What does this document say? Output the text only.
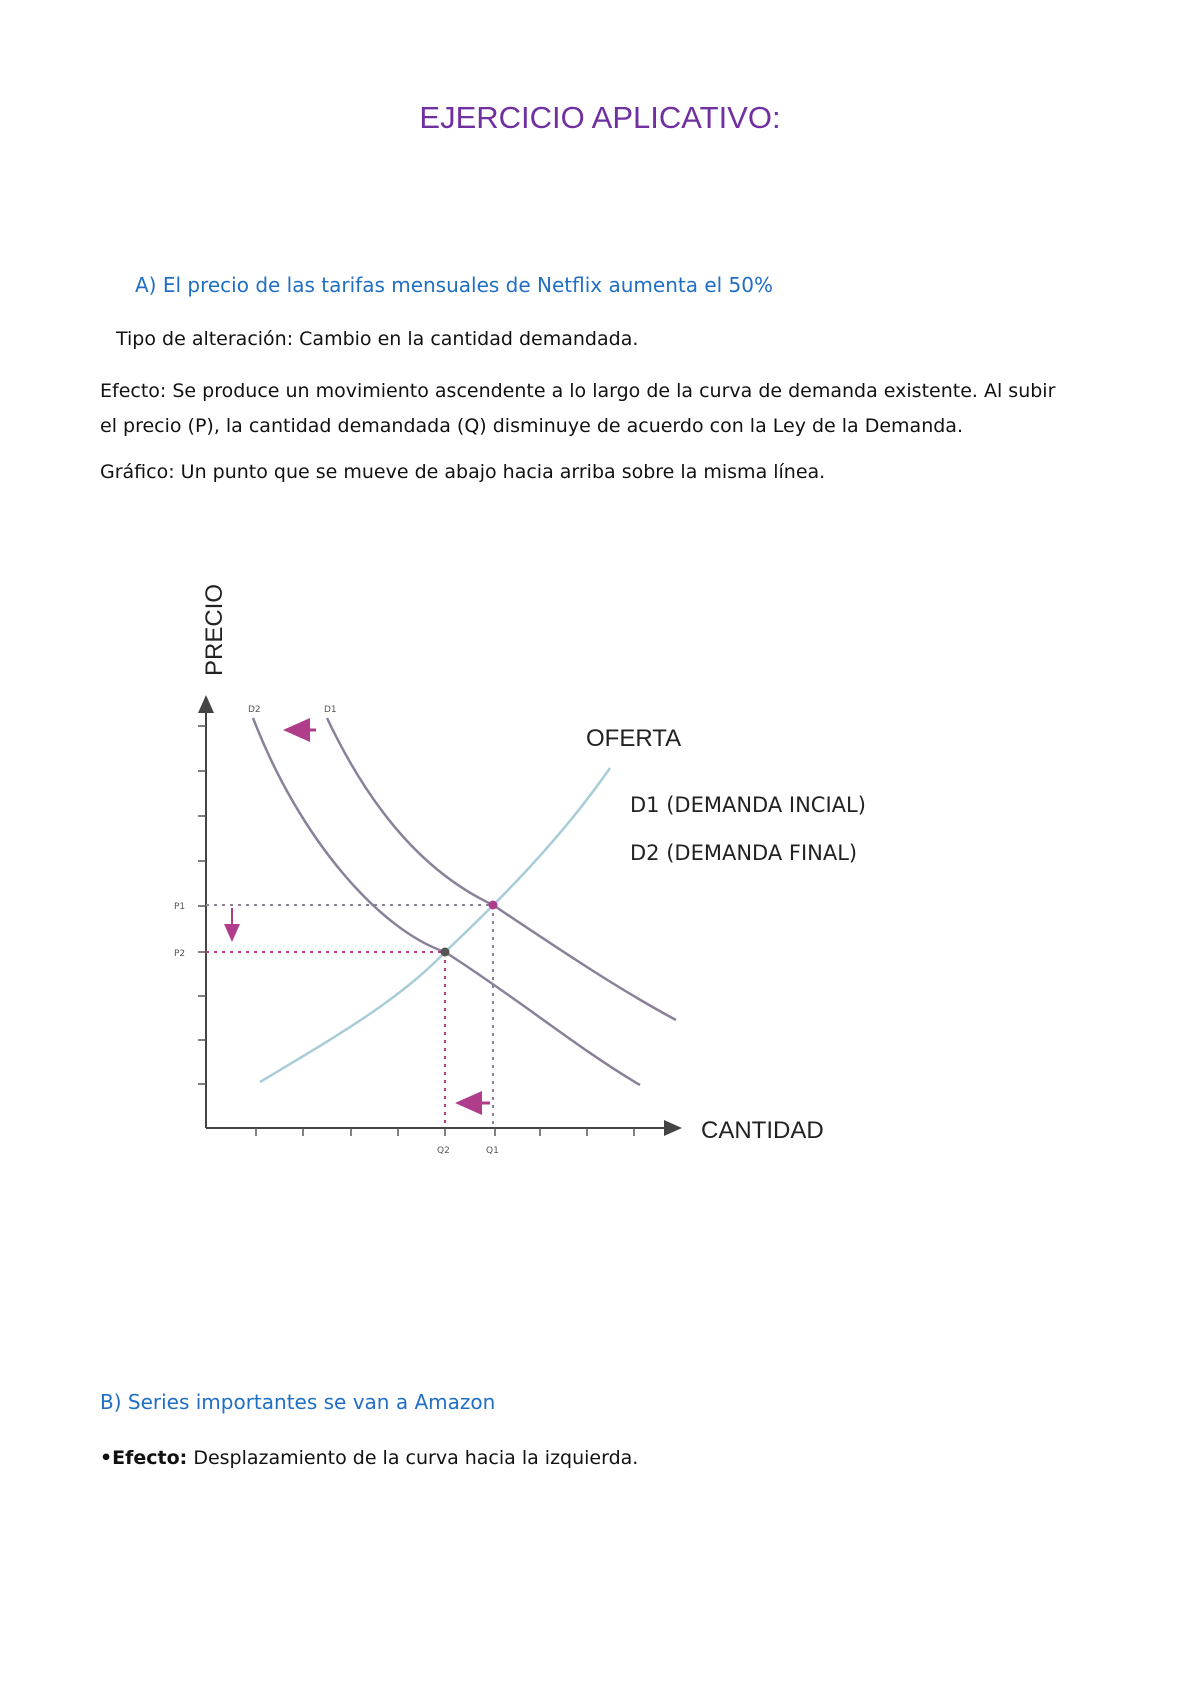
EJERCICIO APLICATIVO:
A) El precio de las tarifas mensuales de Netflix aumenta el 50%
Tipo de alteración: Cambio en la cantidad demandada.
Efecto: Se produce un movimiento ascendente a lo largo de la curva de demanda existente. Al subir el precio (P), la cantidad demandada (Q) disminuye de acuerdo con la Ley de la Demanda.
Gráfico: Un punto que se mueve de abajo hacia arriba sobre la misma línea.
PRECIO
CANTIDAD
OFERTA
D1 (DEMANDA INCIAL)
D2 (DEMANDA FINAL)
D2	D1
P1
P2
Q2	Q1
B) Series importantes se van a Amazon
•Efecto: Desplazamiento de la curva hacia la izquierda.
